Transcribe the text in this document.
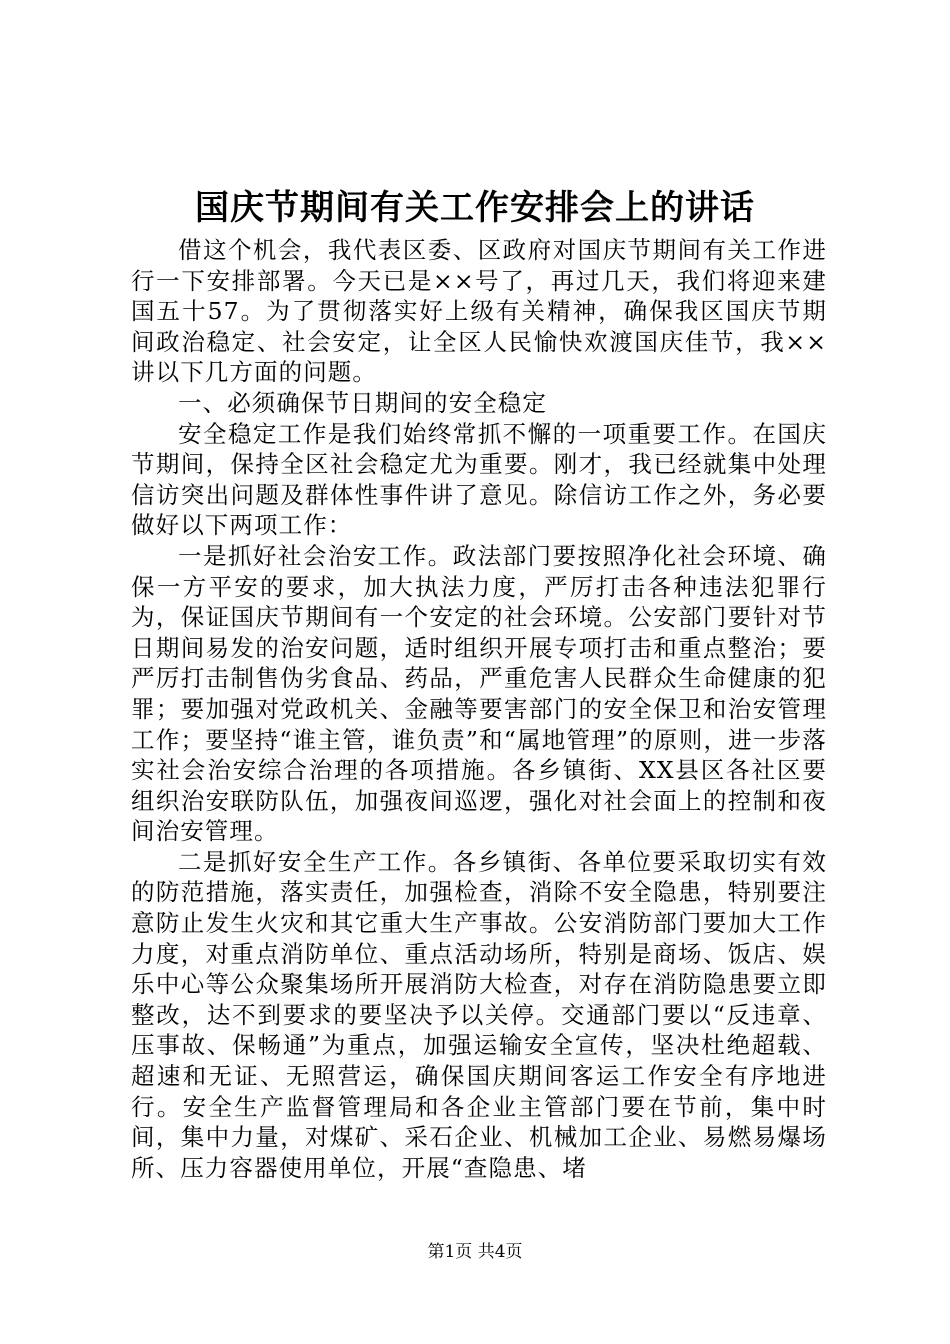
国庆节期间有关工作安排会上的讲话

借这个机会，我代表区委、区政府对国庆节期间有关工作进行一下安排部署。今天已是××号了，再过几天，我们将迎来建国五十57。为了贯彻落实好上级有关精神，确保我区国庆节期间政治稳定、社会安定，让全区人民愉快欢渡国庆佳节，我××讲以下几方面的问题。

一、必须确保节日期间的安全稳定

安全稳定工作是我们始终常抓不懈的一项重要工作。在国庆节期间，保持全区社会稳定尤为重要。刚才，我已经就集中处理信访突出问题及群体性事件讲了意见。除信访工作之外，务必要做好以下两项工作：

一是抓好社会治安工作。政法部门要按照净化社会环境、确保一方平安的要求，加大执法力度，严厉打击各种违法犯罪行为，保证国庆节期间有一个安定的社会环境。公安部门要针对节日期间易发的治安问题，适时组织开展专项打击和重点整治；要严厉打击制售伪劣食品、药品，严重危害人民群众生命健康的犯罪；要加强对党政机关、金融等要害部门的安全保卫和治安管理工作；要坚持“谁主管，谁负责”和“属地管理”的原则，进一步落实社会治安综合治理的各项措施。各乡镇街、XX县区各社区要组织治安联防队伍，加强夜间巡逻，强化对社会面上的控制和夜间治安管理。

二是抓好安全生产工作。各乡镇街、各单位要采取切实有效的防范措施，落实责任，加强检查，消除不安全隐患，特别要注意防止发生火灾和其它重大生产事故。公安消防部门要加大工作力度，对重点消防单位、重点活动场所，特别是商场、饭店、娱乐中心等公众聚集场所开展消防大检查，对存在消防隐患要立即整改，达不到要求的要坚决予以关停。交通部门要以“反违章、压事故、保畅通”为重点，加强运输安全宣传，坚决杜绝超载、超速和无证、无照营运，确保国庆期间客运工作安全有序地进行。安全生产监督管理局和各企业主管部门要在节前，集中时间，集中力量，对煤矿、采石企业、机械加工企业、易燃易爆场所、压力容器使用单位，开展“查隐患、堵

第1页 共4页
